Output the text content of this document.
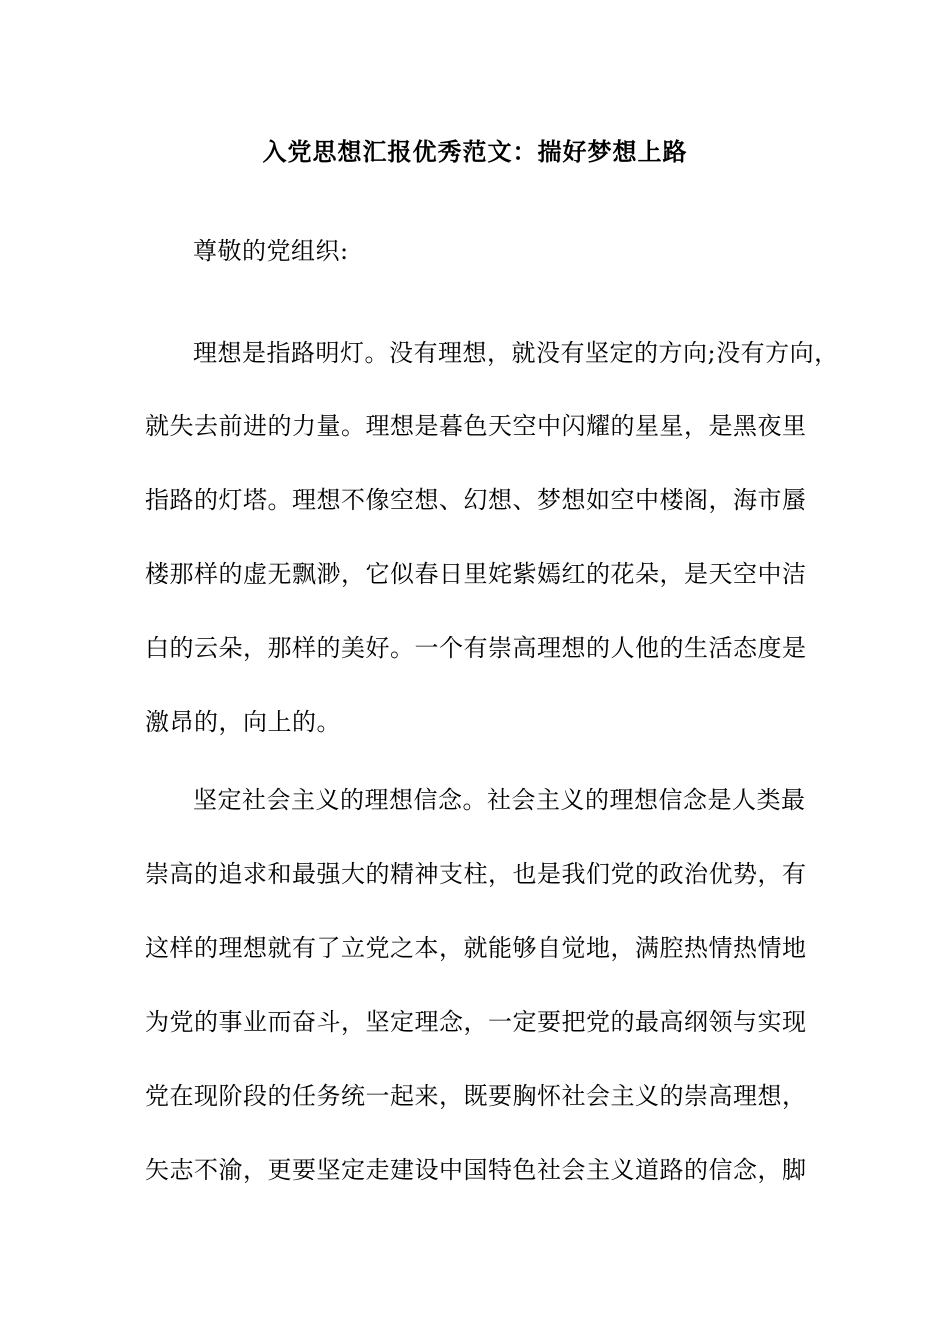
入党思想汇报优秀范文：揣好梦想上路
尊敬的党组织:
理想是指路明灯。没有理想，就没有坚定的方向;没有方向，
就失去前进的力量。理想是暮色天空中闪耀的星星，是黑夜里
指路的灯塔。理想不像空想、幻想、梦想如空中楼阁，海市蜃
楼那样的虚无飘渺，它似春日里姹紫嫣红的花朵，是天空中洁
白的云朵，那样的美好。一个有崇高理想的人他的生活态度是
激昂的，向上的。
坚定社会主义的理想信念。社会主义的理想信念是人类最
崇高的追求和最强大的精神支柱，也是我们党的政治优势，有
这样的理想就有了立党之本，就能够自觉地，满腔热情热情地
为党的事业而奋斗，坚定理念，一定要把党的最高纲领与实现
党在现阶段的任务统一起来，既要胸怀社会主义的崇高理想，
矢志不渝，更要坚定走建设中国特色社会主义道路的信念，脚
